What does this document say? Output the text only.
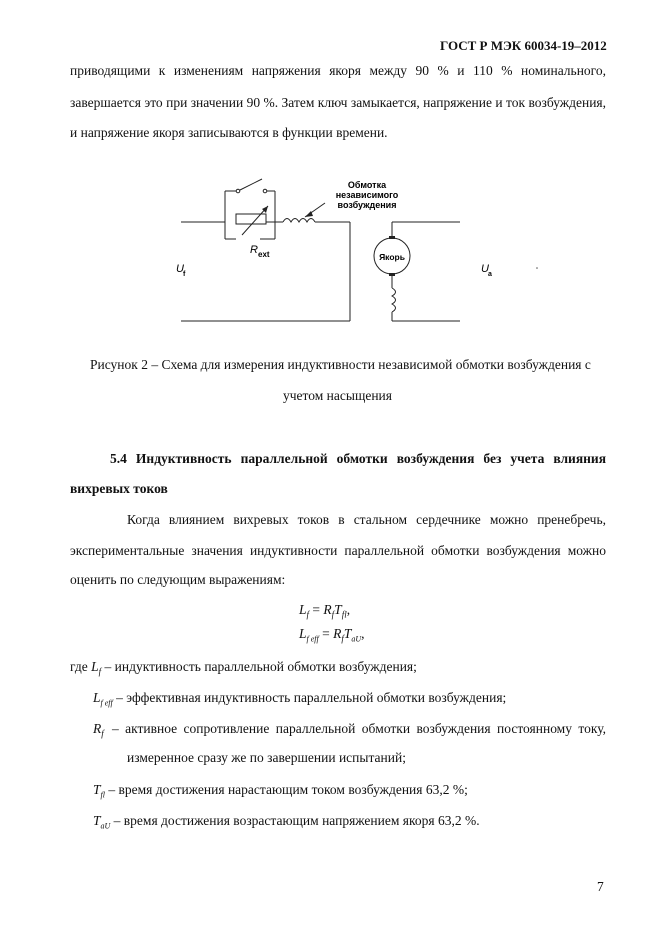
ГОСТ Р МЭК 60034-19–2012
приводящими к изменениям напряжения якоря между 90 % и 110 % номинального,
завершается это при значении 90 %. Затем ключ замыкается, напряжение и ток возбуждения,
и напряжение якоря записываются в функции времени.
Обмотка
независимого
возбуждения
R ext	Якорь
U f	U a
Рисунок 2 – Схема для измерения индуктивности независимой обмотки возбуждения с
учетом насыщения
5.4 Индуктивность параллельной обмотки возбуждения без учета влияния
вихревых токов
Когда влиянием вихревых токов в стальном сердечнике можно пренебречь,
экспериментальные значения индуктивности параллельной обмотки возбуждения можно
оценить по следующим выражениям:
$L_f = R_fT_{fl}$,
$L_{f eff} = R_fT_{aU}$,
где $L_f$ – индуктивность параллельной обмотки возбуждения;
$L_{f eff}$ – эффективная индуктивность параллельной обмотки возбуждения;
$R_f$ – активное сопротивление параллельной обмотки возбуждения постоянному току,
измеренное сразу же по завершении испытаний;
$T_{fl}$ – время достижения нарастающим током возбуждения 63,2 %;
$T_{aU}$ – время достижения возрастающим напряжением якоря 63,2 %.
7
